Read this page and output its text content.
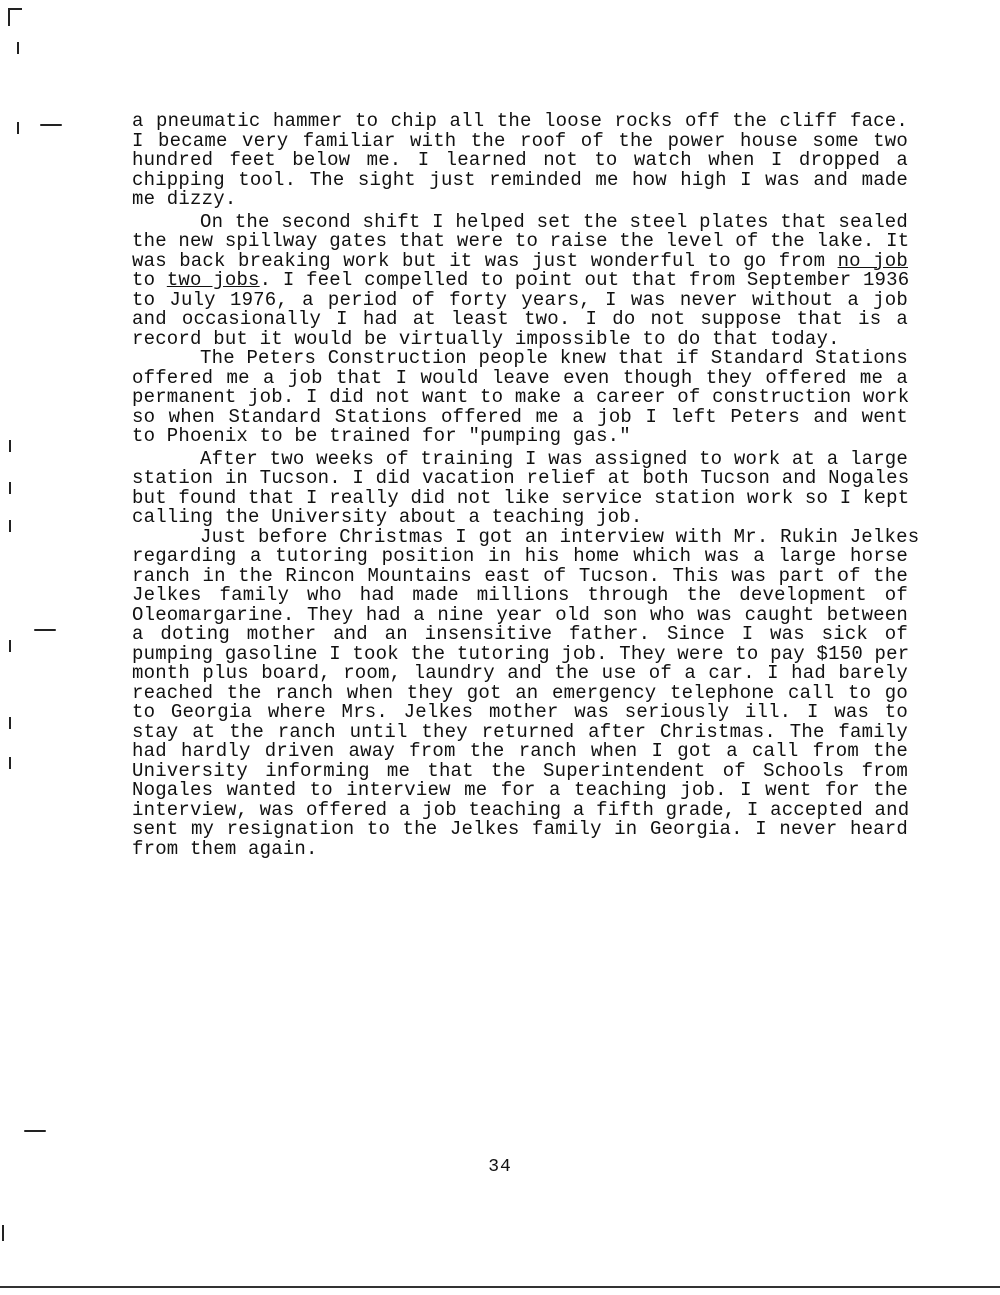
a pneumatic hammer to chip all the loose rocks off the cliff face.
I became very familiar with the roof of the power house some two
hundred feet below me. I learned not to watch when I dropped a
chipping tool. The sight just reminded me how high I was and made
me dizzy.
On the second shift I helped set the steel plates that sealed
the new spillway gates that were to raise the level of the lake. It
was back breaking work but it was just wonderful to go from no job
to two jobs. I feel compelled to point out that from September 1936
to July 1976, a period of forty years, I was never without a job
and occasionally I had at least two. I do not suppose that is a
record but it would be virtually impossible to do that today.
The Peters Construction people knew that if Standard Stations
offered me a job that I would leave even though they offered me a
permanent job. I did not want to make a career of construction work
so when Standard Stations offered me a job I left Peters and went
to Phoenix to be trained for "pumping gas."
After two weeks of training I was assigned to work at a large
station in Tucson. I did vacation relief at both Tucson and Nogales
but found that I really did not like service station work so I kept
calling the University about a teaching job.
Just before Christmas I got an interview with Mr. Rukin Jelkes
regarding a tutoring position in his home which was a large horse
ranch in the Rincon Mountains east of Tucson. This was part of the
Jelkes family who had made millions through the development of
Oleomargarine. They had a nine year old son who was caught between
a doting mother and an insensitive father. Since I was sick of
pumping gasoline I took the tutoring job. They were to pay $150 per
month plus board, room, laundry and the use of a car. I had barely
reached the ranch when they got an emergency telephone call to go
to Georgia where Mrs. Jelkes mother was seriously ill. I was to
stay at the ranch until they returned after Christmas. The family
had hardly driven away from the ranch when I got a call from the
University informing me that the Superintendent of Schools from
Nogales wanted to interview me for a teaching job. I went for the
interview, was offered a job teaching a fifth grade, I accepted and
sent my resignation to the Jelkes family in Georgia. I never heard
from them again.
34
